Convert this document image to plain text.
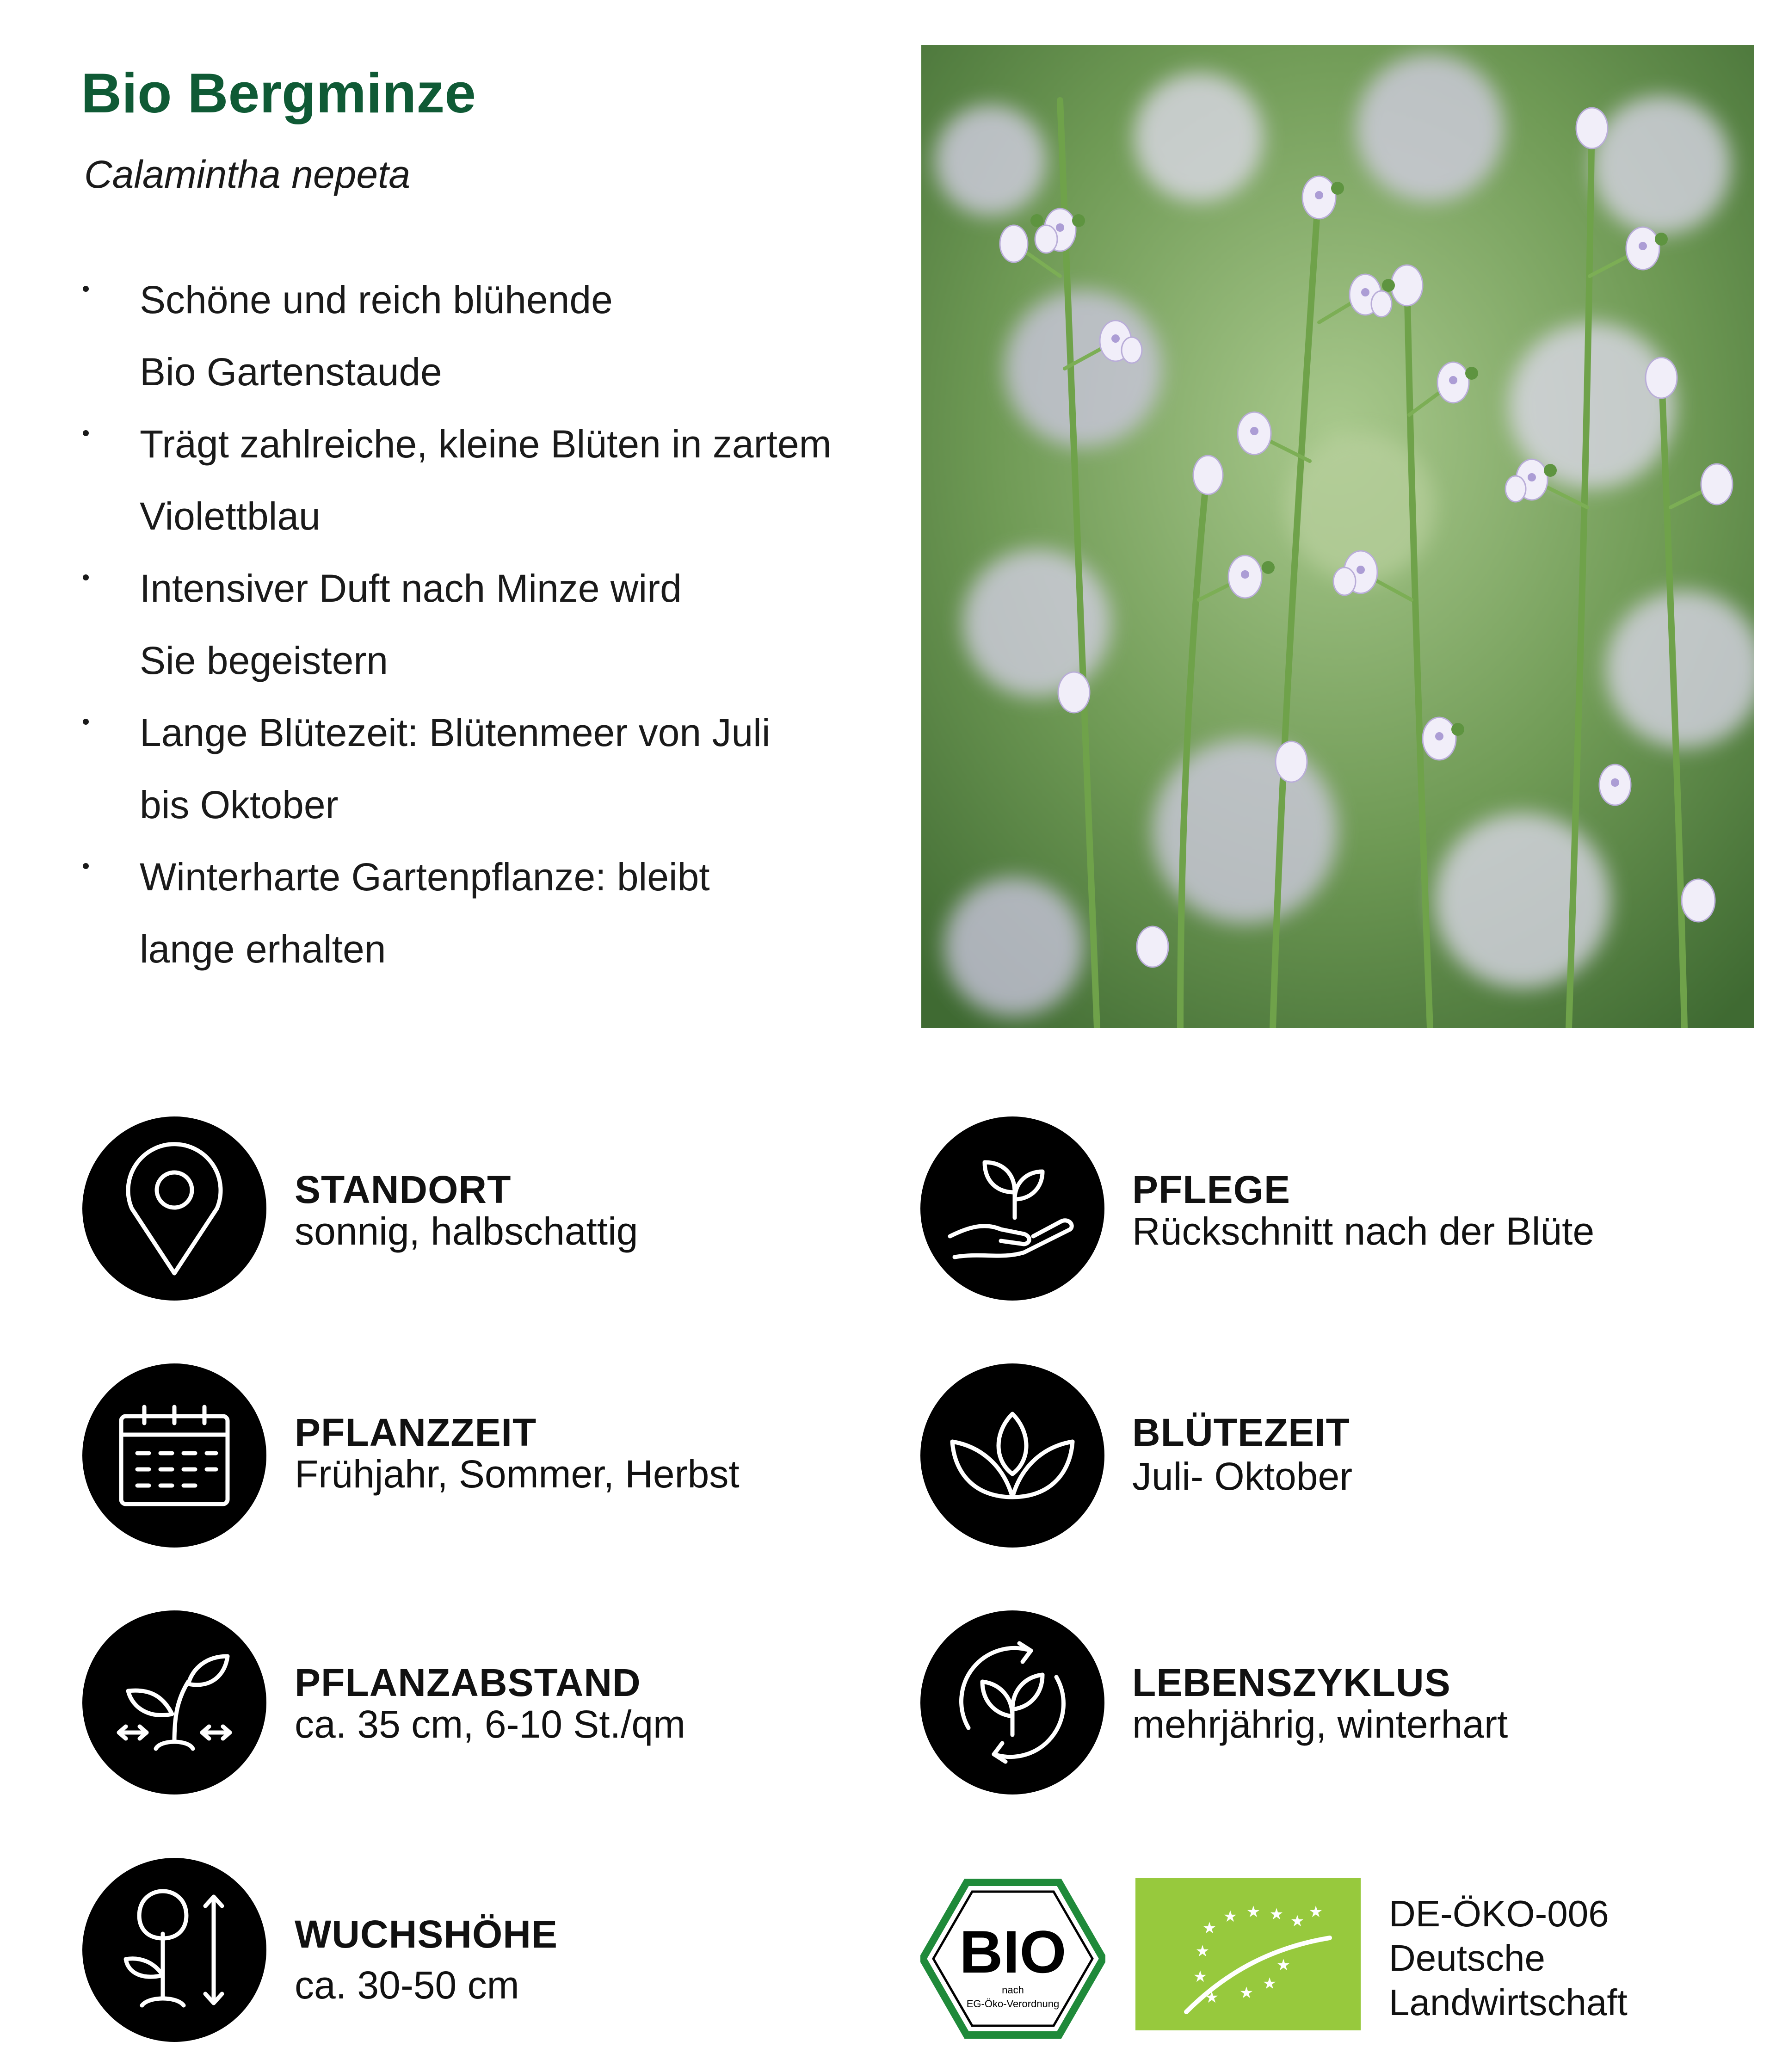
Bio Bergminze
Calamintha nepeta
Schöne und reich blühende
Bio Gartenstaude
Trägt zahlreiche, kleine Blüten in zartem
Violettblau
Intensiver Duft nach Minze wird
Sie begeistern
Lange Blütezeit: Blütenmeer von Juli
bis Oktober
Winterharte Gartenpflanze: bleibt
lange erhalten
STANDORT
sonnig, halbschattig
PFLEGE
Rückschnitt nach der Blüte
PFLANZZEIT
Frühjahr, Sommer, Herbst
BLÜTEZEIT
Juli- Oktober
PFLANZABSTAND
ca. 35 cm, 6-10 St./qm
LEBENSZYKLUS
mehrjährig, winterhart
WUCHSHÖHE
ca. 30-50 cm	BIO
nach
EG-Öko-Verordnung
★
★ ★ ★ ★ ★
★
★
★
★
★
★
DE-ÖKO-006
Deutsche
Landwirtschaft
